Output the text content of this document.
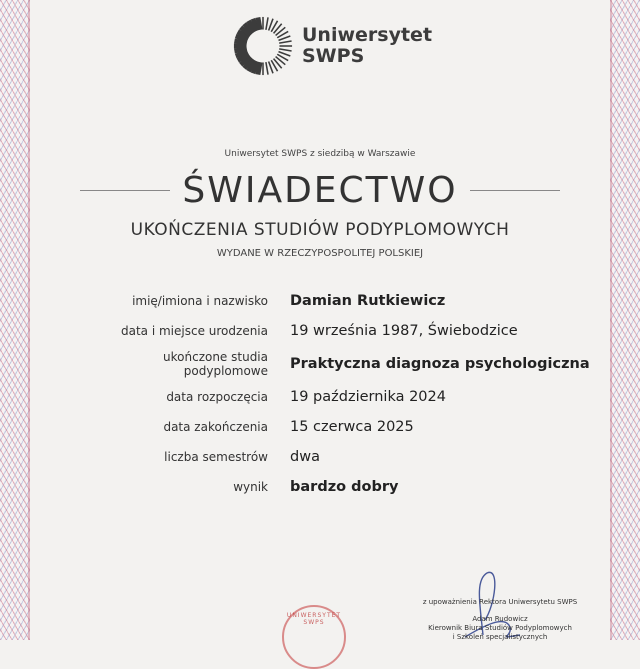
Uniwersytet
SWPS
Uniwersytet SWPS z siedzibą w Warszawie
ŚWIADECTWO
UKOŃCZENIA STUDIÓW PODYPLOMOWYCH
WYDANE W RZECZYPOSPOLITEJ POLSKIEJ
imię/imiona i nazwisko	Damian Rutkiewicz
data i miejsce urodzenia	19 września 1987, Świebodzice
ukończone studia podyplomowe	Praktyczna diagnoza psychologiczna
data rozpoczęcia	19 października 2024
data zakończenia	15 czerwca 2025
liczba semestrów	dwa
wynik	bardzo dobry
UNIWERSYTET SWPS
z upoważnienia Rektora Uniwersytetu SWPS
Adam Rudowicz
Kierownik Biura Studiów Podyplomowych
i Szkoleń specjalistycznych
